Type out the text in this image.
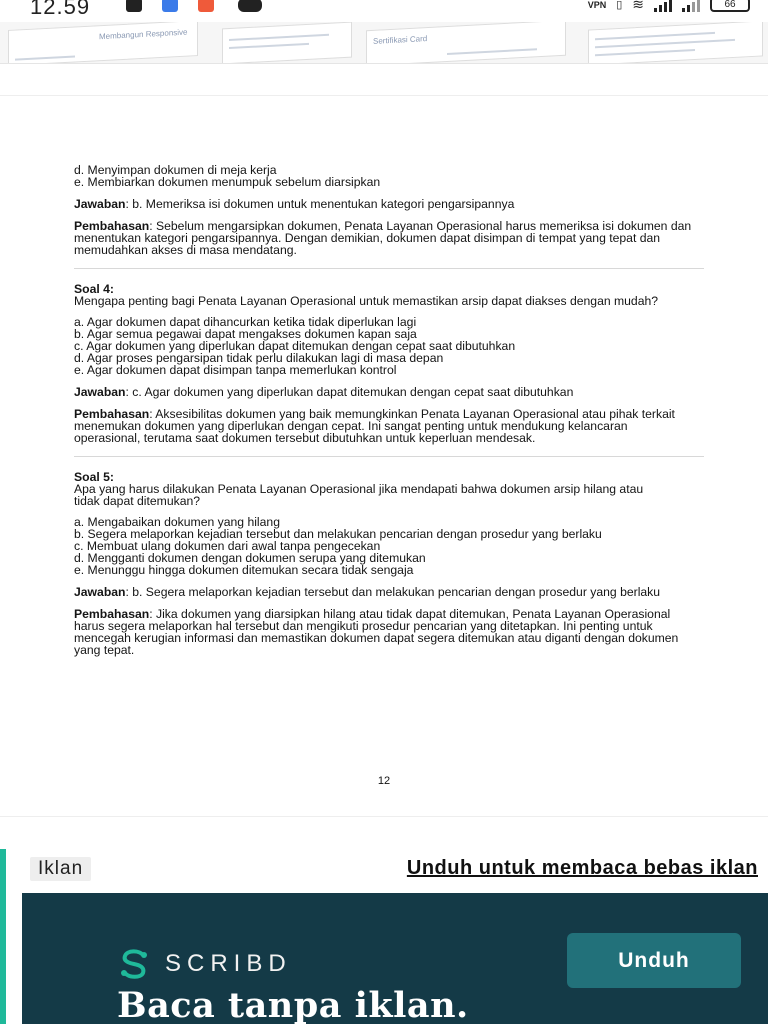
12.59	VPN ▯ ≋	66
Membangun Responsive	Sertifikasi Card

d. Menyimpan dokumen di meja kerja

e. Membiarkan dokumen menumpuk sebelum diarsipkan

Jawaban: b. Memeriksa isi dokumen untuk menentukan kategori pengarsipannya

Pembahasan: Sebelum mengarsipkan dokumen, Penata Layanan Operasional harus memeriksa isi dokumen dan menentukan kategori pengarsipannya. Dengan demikian, dokumen dapat disimpan di tempat yang tepat dan memudahkan akses di masa mendatang.

Soal 4:

Mengapa penting bagi Penata Layanan Operasional untuk memastikan arsip dapat diakses dengan mudah?

a. Agar dokumen dapat dihancurkan ketika tidak diperlukan lagi

b. Agar semua pegawai dapat mengakses dokumen kapan saja

c. Agar dokumen yang diperlukan dapat ditemukan dengan cepat saat dibutuhkan

d. Agar proses pengarsipan tidak perlu dilakukan lagi di masa depan

e. Agar dokumen dapat disimpan tanpa memerlukan kontrol

Jawaban: c. Agar dokumen yang diperlukan dapat ditemukan dengan cepat saat dibutuhkan

Pembahasan: Aksesibilitas dokumen yang baik memungkinkan Penata Layanan Operasional atau pihak terkait menemukan dokumen yang diperlukan dengan cepat. Ini sangat penting untuk mendukung kelancaran operasional, terutama saat dokumen tersebut dibutuhkan untuk keperluan mendesak.

Soal 5:

Apa yang harus dilakukan Penata Layanan Operasional jika mendapati bahwa dokumen arsip hilang atau tidak dapat ditemukan?

a. Mengabaikan dokumen yang hilang

b. Segera melaporkan kejadian tersebut dan melakukan pencarian dengan prosedur yang berlaku

c. Membuat ulang dokumen dari awal tanpa pengecekan

d. Mengganti dokumen dengan dokumen serupa yang ditemukan

e. Menunggu hingga dokumen ditemukan secara tidak sengaja

Jawaban: b. Segera melaporkan kejadian tersebut dan melakukan pencarian dengan prosedur yang berlaku

Pembahasan: Jika dokumen yang diarsipkan hilang atau tidak dapat ditemukan, Penata Layanan Operasional harus segera melaporkan hal tersebut dan mengikuti prosedur pencarian yang ditetapkan. Ini penting untuk mencegah kerugian informasi dan memastikan dokumen dapat segera ditemukan atau diganti dengan dokumen yang tepat.

12
Iklan	Unduh untuk membaca bebas iklan
SCRIBD	Unduh
Baca tanpa iklan.
